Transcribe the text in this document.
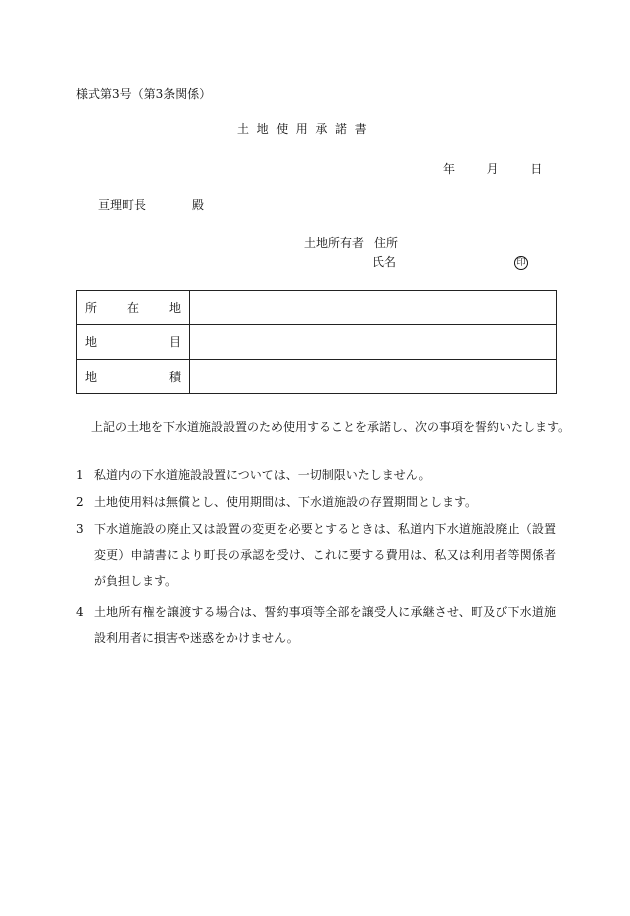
様式第3号（第3条関係）
土地使用承諾書
年	月	日
亘理町長	殿
土地所有者 住所
氏名	印
所 在 地	

地 目	

地 積	

上記の土地を下水道施設設置のため使用することを承諾し、次の事項を誓約いたします。
1 私道内の下水道施設設置については、一切制限いたしません。
2 土地使用料は無償とし、使用期間は、下水道施設の存置期間とします。
3 下水道施設の廃止又は設置の変更を必要とするときは、私道内下水道施設廃止（設置変更）申請書により町長の承認を受け、これに要する費用は、私又は利用者等関係者が負担します。
4 土地所有権を譲渡する場合は、誓約事項等全部を譲受人に承継させ、町及び下水道施設利用者に損害や迷惑をかけません。
